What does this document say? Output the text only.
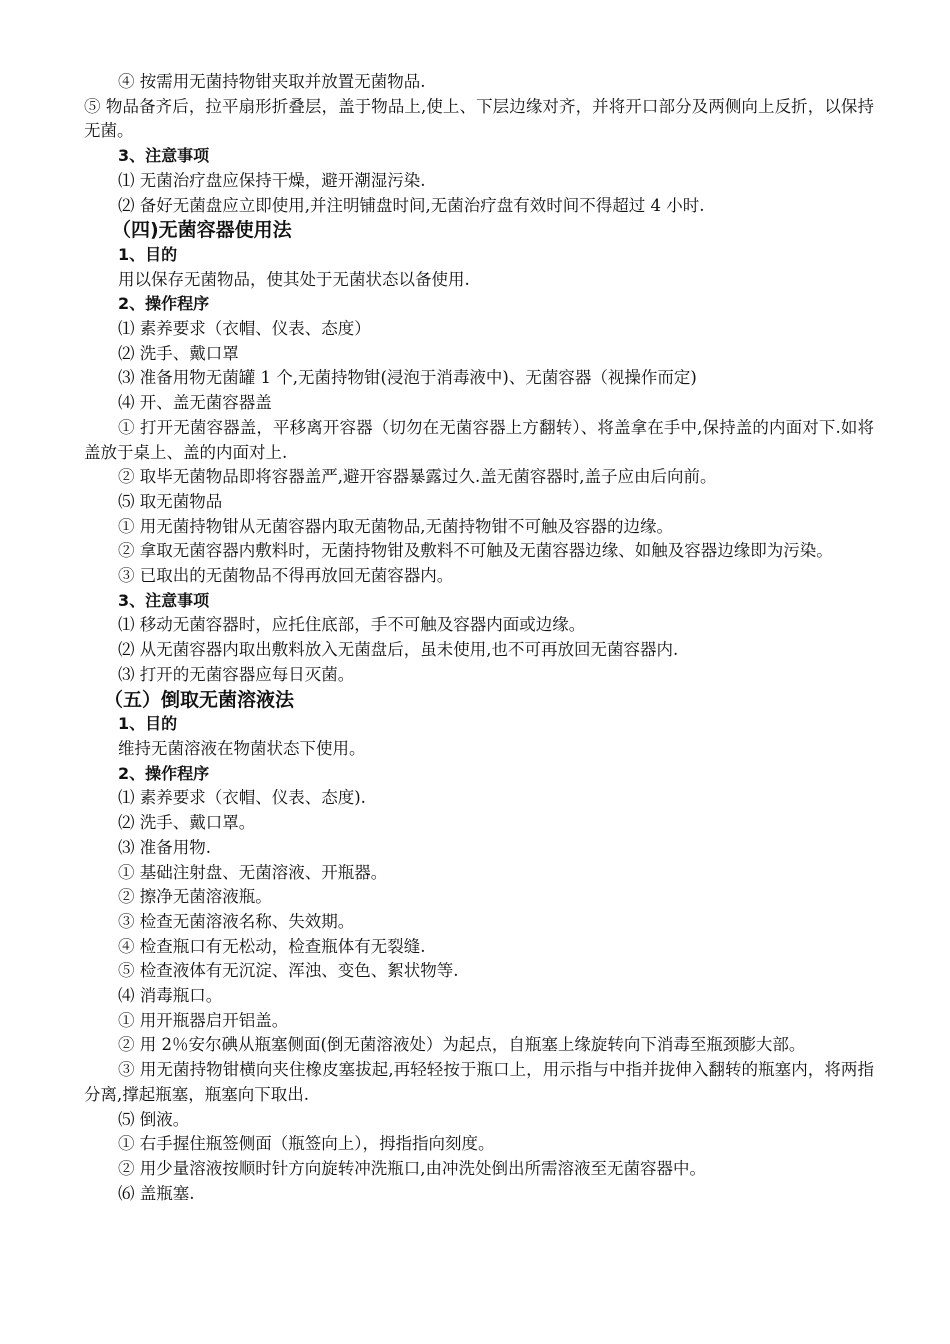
④ 按需用无菌持物钳夹取并放置无菌物品.
⑤ 物品备齐后，拉平扇形折叠层，盖于物品上,使上、下层边缘对齐，并将开口部分及两侧向上反折，以保持无菌。
3、注意事项
⑴ 无菌治疗盘应保持干燥，避开潮湿污染.
⑵ 备好无菌盘应立即使用,并注明铺盘时间,无菌治疗盘有效时间不得超过 4 小时.
（四)无菌容器使用法
1、目的
用以保存无菌物品，使其处于无菌状态以备使用.
2、操作程序
⑴ 素养要求（衣帽、仪表、态度）
⑵ 洗手、戴口罩
⑶ 准备用物无菌罐 1 个,无菌持物钳(浸泡于消毒液中)、无菌容器（视操作而定)
⑷ 开、盖无菌容器盖
① 打开无菌容器盖，平移离开容器（切勿在无菌容器上方翻转）、将盖拿在手中,保持盖的内面对下.如将盖放于桌上、盖的内面对上.
② 取毕无菌物品即将容器盖严,避开容器暴露过久.盖无菌容器时,盖子应由后向前。
⑸ 取无菌物品
① 用无菌持物钳从无菌容器内取无菌物品,无菌持物钳不可触及容器的边缘。
② 拿取无菌容器内敷料时，无菌持物钳及敷料不可触及无菌容器边缘、如触及容器边缘即为污染。
③ 已取出的无菌物品不得再放回无菌容器内。
3、注意事项
⑴ 移动无菌容器时，应托住底部，手不可触及容器内面或边缘。
⑵ 从无菌容器内取出敷料放入无菌盘后，虽未使用,也不可再放回无菌容器内.
⑶ 打开的无菌容器应每日灭菌。
（五）倒取无菌溶液法
1、目的
维持无菌溶液在物菌状态下使用。
2、操作程序
⑴ 素养要求（衣帽、仪表、态度).
⑵ 洗手、戴口罩。
⑶ 准备用物.
① 基础注射盘、无菌溶液、开瓶器。
② 擦净无菌溶液瓶。
③ 检查无菌溶液名称、失效期。
④ 检查瓶口有无松动，检查瓶体有无裂缝.
⑤ 检查液体有无沉淀、浑浊、变色、絮状物等.
⑷ 消毒瓶口。
① 用开瓶器启开铝盖。
② 用 2％安尔碘从瓶塞侧面(倒无菌溶液处）为起点，自瓶塞上缘旋转向下消毒至瓶颈膨大部。
③ 用无菌持物钳横向夹住橡皮塞拔起,再轻轻按于瓶口上，用示指与中指并拢伸入翻转的瓶塞内，将两指分离,撑起瓶塞，瓶塞向下取出.
⑸ 倒液。
① 右手握住瓶签侧面（瓶签向上），拇指指向刻度。
② 用少量溶液按顺时针方向旋转冲洗瓶口,由冲洗处倒出所需溶液至无菌容器中。
⑹ 盖瓶塞.
